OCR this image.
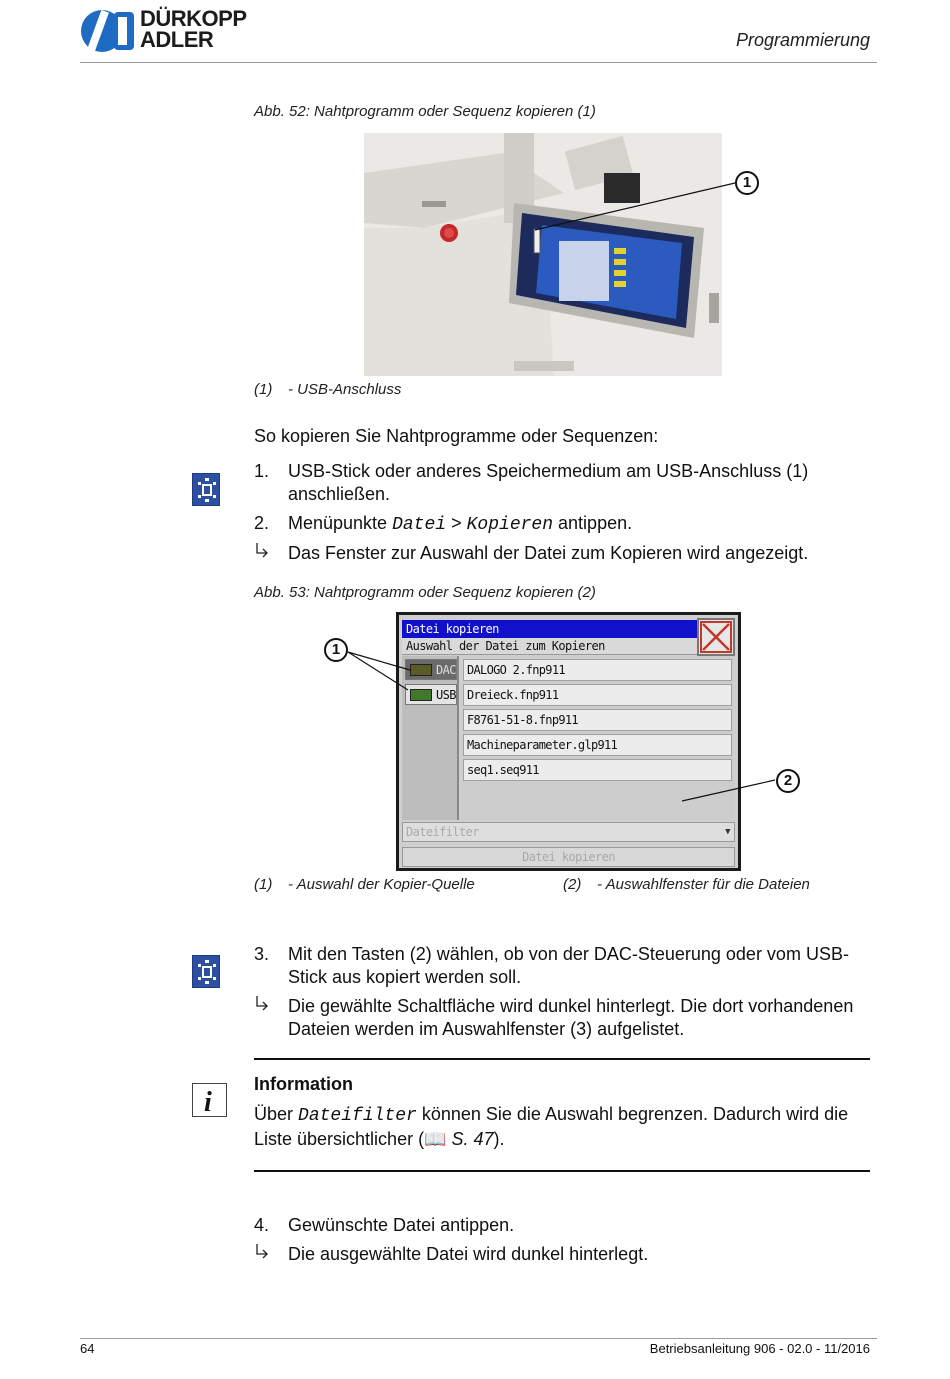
DÜRKOPP
ADLER	Programmierung
Abb. 52: Nahtprogramm oder Sequenz kopieren (1)
1
(1) - USB-Anschluss
So kopieren Sie Nahtprogramme oder Sequenzen:
1.	USB-Stick oder anderes Speichermedium am USB-Anschluss (1) anschließen.
2.	Menüpunkte Datei > Kopieren antippen.
Das Fenster zur Auswahl der Datei zum Kopieren wird angezeigt.
Abb. 53: Nahtprogramm oder Sequenz kopieren (2)
Datei kopieren
Auswahl der Datei zum Kopieren
DAC
USB
DALOGO 2.fnp911
Dreieck.fnp911
F8761-51-8.fnp911
Machineparameter.glp911
seq1.seq911
Dateifilter	▼
Datei kopieren
1
2
(1) - Auswahl der Kopier-Quelle	(2) - Auswahlfenster für die Dateien
3.	Mit den Tasten (2) wählen, ob von der DAC-Steuerung oder vom USB-Stick aus kopiert werden soll.
Die gewählte Schaltfläche wird dunkel hinterlegt. Die dort vorhandenen Dateien werden im Auswahlfenster (3) aufgelistet.
i
Information
Über Dateifilter können Sie die Auswahl begrenzen. Dadurch wird die Liste übersichtlicher (📖 S. 47).
4.	Gewünschte Datei antippen.
Die ausgewählte Datei wird dunkel hinterlegt.
64	Betriebsanleitung 906 - 02.0 - 11/2016
